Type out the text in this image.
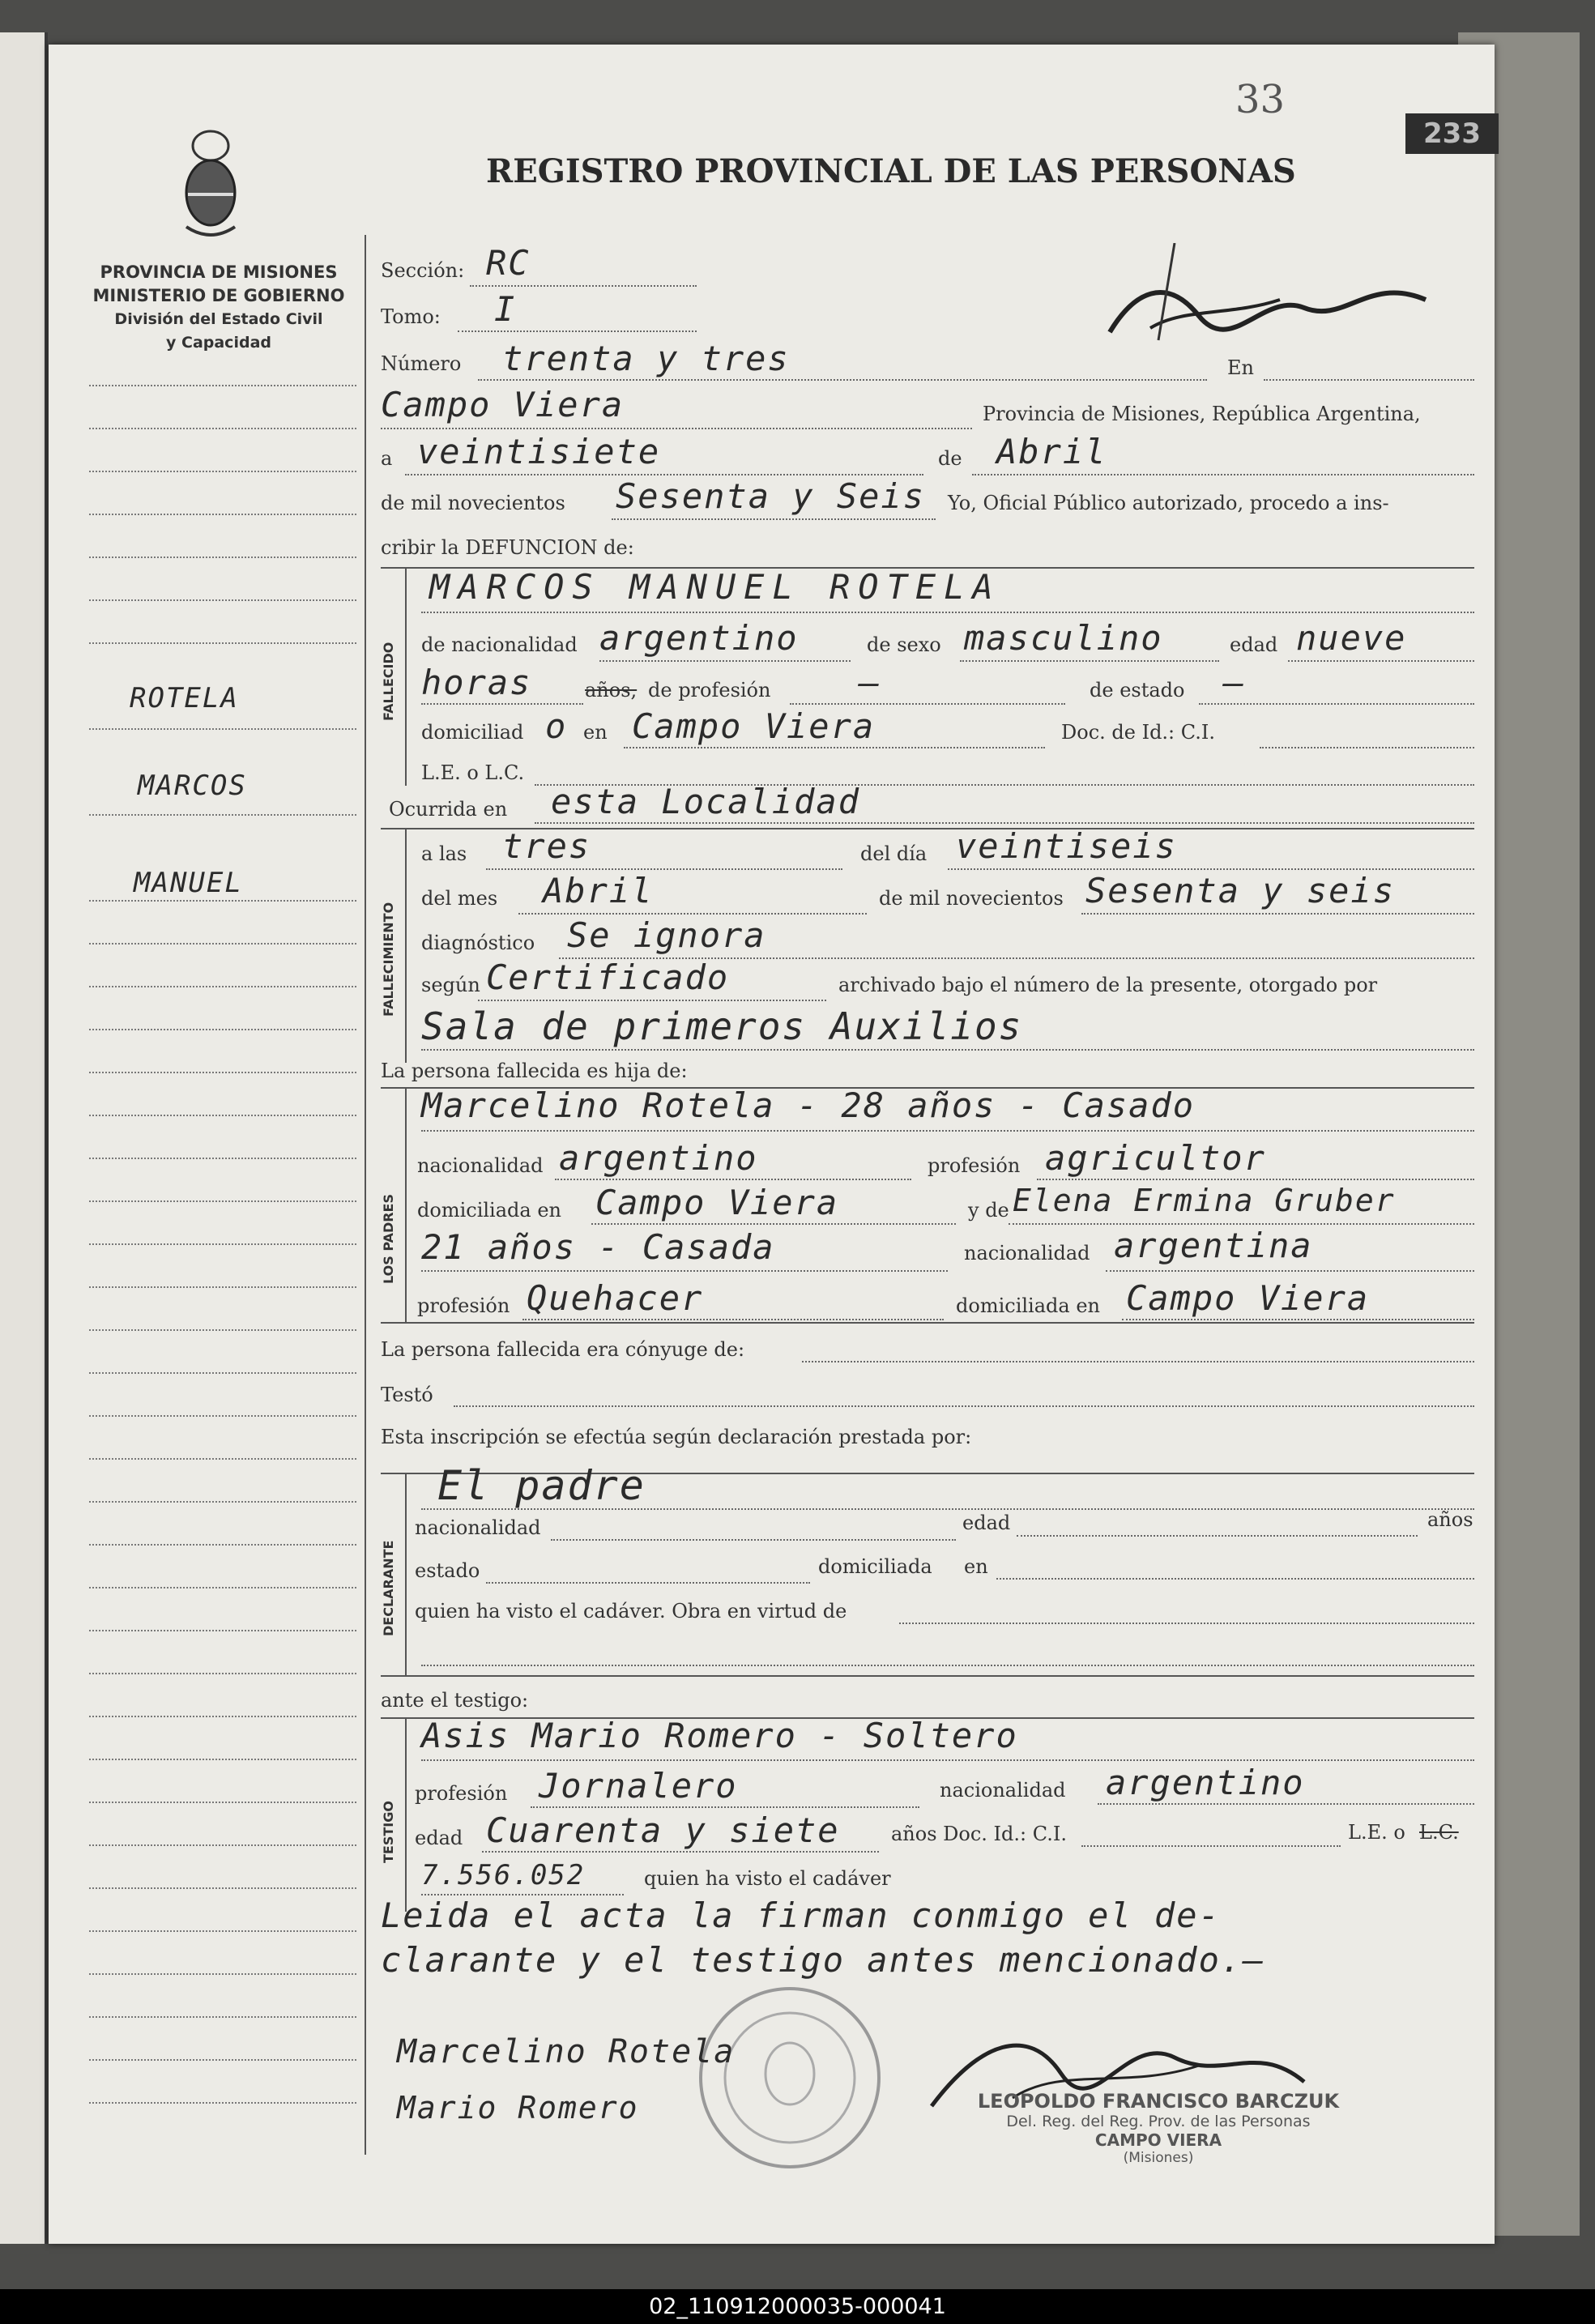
33
233
REGISTRO PROVINCIAL DE LAS PERSONAS
PROVINCIA DE MISIONES
MINISTERIO DE GOBIERNO
División del Estado Civil
y Capacidad
ROTELA
MARCOS
MANUEL
Sección: RC
Tomo: I
Número trenta y tres	En
Campo Viera	Provincia de Misiones, República Argentina,
a veintisiete	de Abril
de mil novecientos Sesenta y Seis Yo, Oficial Público autorizado, procedo a ins-
cribir la DEFUNCION de:
FALLECIDO
MARCOS MANUEL ROTELA
de nacionalidad argentino	de sexo masculino	edad nueve
horas	años, de profesión	—	de estado —
domiciliad o en Campo Viera	Doc. de Id.: C.I.
L.E. o L.C.
Ocurrida en esta Localidad
FALLECIMIENTO
a las tres	del día veintiseis
del mes Abril	de mil novecientos Sesenta y seis
diagnóstico Se ignora
según Certificado	archivado bajo el número de la presente, otorgado por
Sala de primeros Auxilios
La persona fallecida es hija de:
LOS PADRES
Marcelino Rotela - 28 años - Casado
nacionalidad argentino	profesión agricultor
domiciliada en Campo Viera	y de Elena Ermina Gruber
21 años - Casada	nacionalidad argentina
profesión Quehacer	domiciliada en Campo Viera
La persona fallecida era cónyuge de:
Testó
Esta inscripción se efectúa según declaración prestada por:
DECLARANTE
El padre
nacionalidad	edad	años
estado	domiciliada en
quien ha visto el cadáver. Obra en virtud de
ante el testigo:
TESTIGO
Asis Mario Romero - Soltero
profesión Jornalero	nacionalidad argentino
edad Cuarenta y siete	años Doc. Id.: C.I.	L.E. o L.C.
7.556.052	quien ha visto el cadáver
Leida el acta la firman conmigo el de-
clarante y el testigo antes mencionado.—
Marcelino Rotela
Mario Romero	LEOPOLDO FRANCISCO BARCZUK
Del. Reg. del Reg. Prov. de las Personas
CAMPO VIERA
(Misiones)
02_110912000035-000041
